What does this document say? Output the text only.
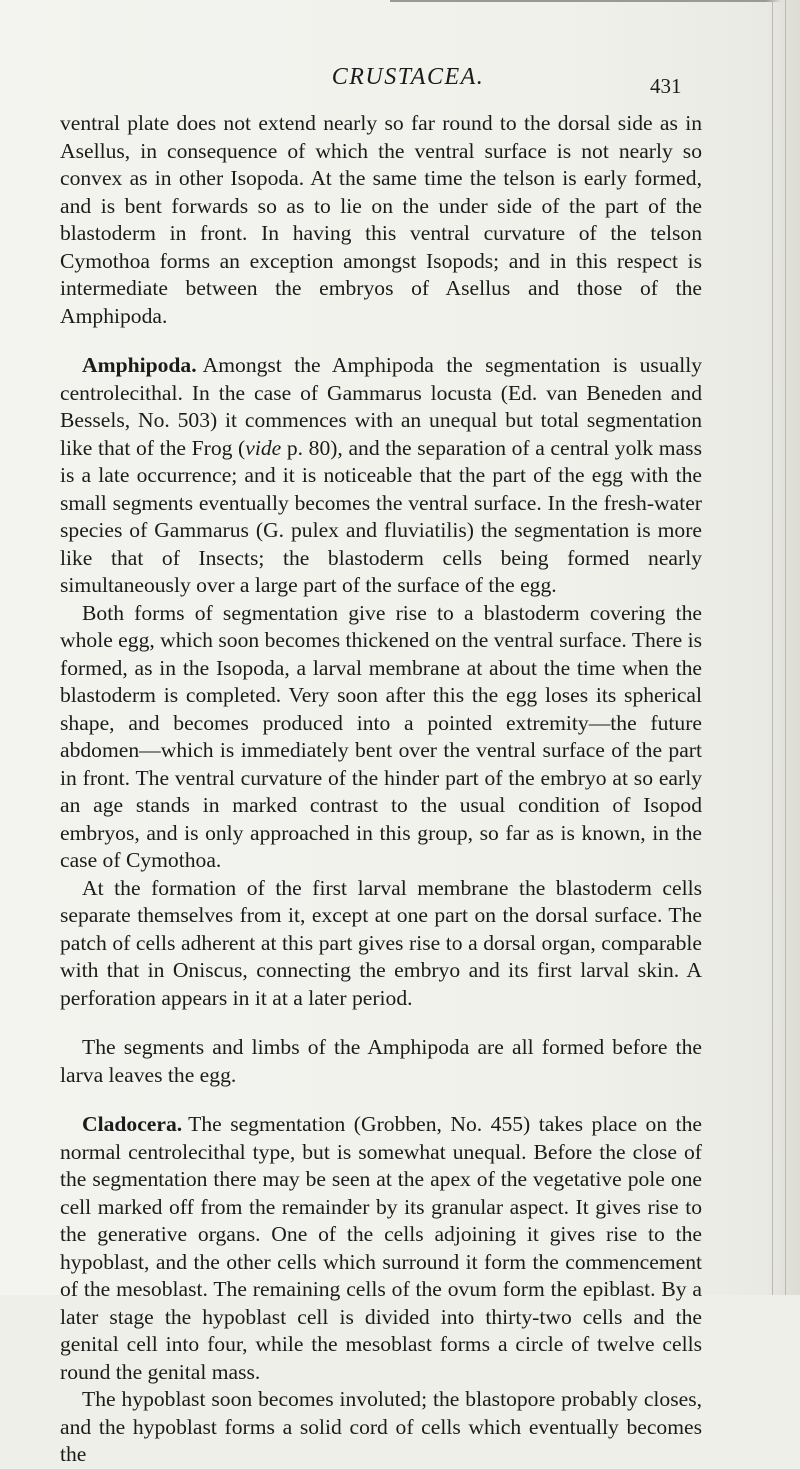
CRUSTACEA.	431

ventral plate does not extend nearly so far round to the dorsal side as in Asellus, in consequence of which the ventral surface is not nearly so convex as in other Isopoda. At the same time the telson is early formed, and is bent forwards so as to lie on the under side of the part of the blastoderm in front. In having this ventral curvature of the telson Cymothoa forms an exception amongst Isopods; and in this respect is intermediate between the embryos of Asellus and those of the Amphipoda.

Amphipoda. Amongst the Amphipoda the segmentation is usually centrolecithal. In the case of Gammarus locusta (Ed. van Beneden and Bessels, No. 503) it commences with an unequal but total segmentation like that of the Frog (vide p. 80), and the separation of a central yolk mass is a late occurrence; and it is noticeable that the part of the egg with the small segments eventually becomes the ventral surface. In the fresh-water species of Gammarus (G. pulex and fluviatilis) the segmentation is more like that of Insects; the blastoderm cells being formed nearly simultaneously over a large part of the surface of the egg.

Both forms of segmentation give rise to a blastoderm covering the whole egg, which soon becomes thickened on the ventral surface. There is formed, as in the Isopoda, a larval membrane at about the time when the blastoderm is completed. Very soon after this the egg loses its spherical shape, and becomes produced into a pointed extremity—the future abdomen—which is immediately bent over the ventral surface of the part in front. The ventral curvature of the hinder part of the embryo at so early an age stands in marked contrast to the usual condition of Isopod embryos, and is only approached in this group, so far as is known, in the case of Cymothoa.

At the formation of the first larval membrane the blastoderm cells separate themselves from it, except at one part on the dorsal surface. The patch of cells adherent at this part gives rise to a dorsal organ, comparable with that in Oniscus, connecting the embryo and its first larval skin. A perforation appears in it at a later period.

The segments and limbs of the Amphipoda are all formed before the larva leaves the egg.

Cladocera. The segmentation (Grobben, No. 455) takes place on the normal centrolecithal type, but is somewhat unequal. Before the close of the segmentation there may be seen at the apex of the vegetative pole one cell marked off from the remainder by its granular aspect. It gives rise to the generative organs. One of the cells adjoining it gives rise to the hypoblast, and the other cells which surround it form the commencement of the mesoblast. The remaining cells of the ovum form the epiblast. By a later stage the hypoblast cell is divided into thirty-two cells and the genital cell into four, while the mesoblast forms a circle of twelve cells round the genital mass.

The hypoblast soon becomes involuted; the blastopore probably closes, and the hypoblast forms a solid cord of cells which eventually becomes the
